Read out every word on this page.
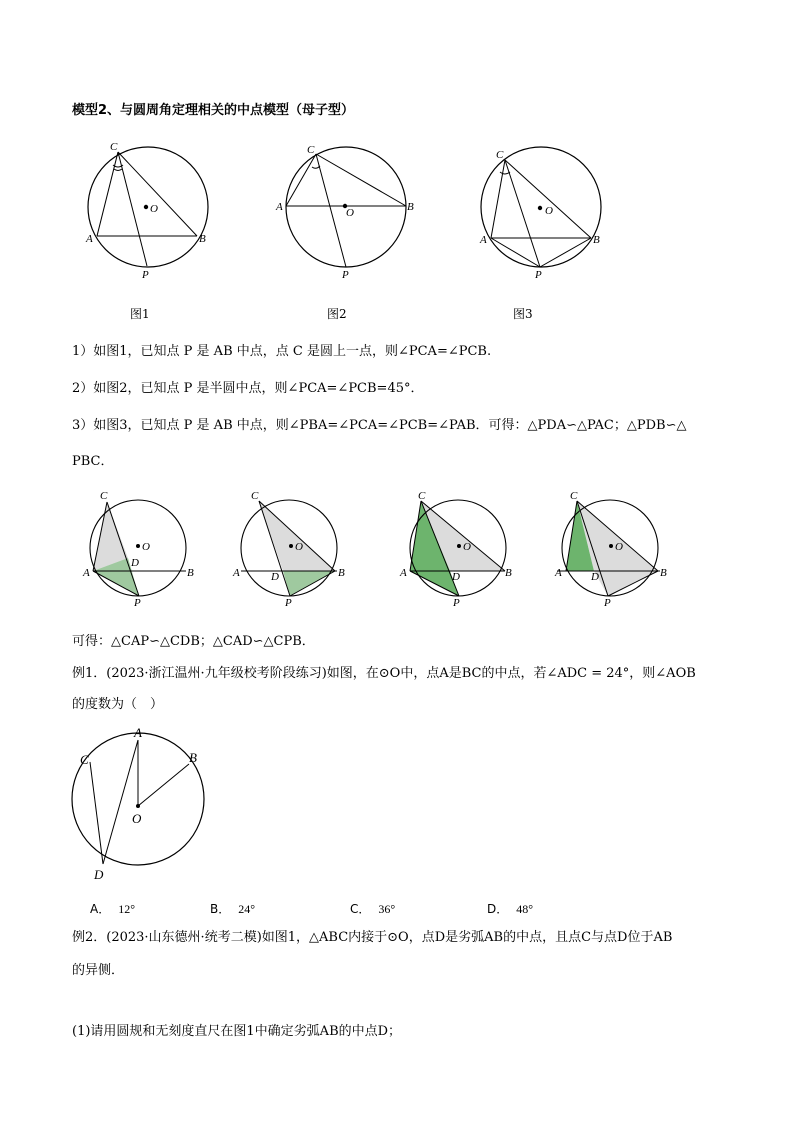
模型2、与圆周角定理相关的中点模型（母子型）
C
O
A	B
P
C
O
A	B
P
C
O
A	B
P
图1	图2	图3
1）如图1，已知点 P 是 AB 中点，点 C 是圆上一点，则∠PCA=∠PCB.
2）如图2，已知点 P 是半圆中点，则∠PCA=∠PCB=45°．
3）如图3，已知点 P 是 AB 中点，则∠PBA=∠PCA=∠PCB=∠PAB．可得：△PDA∽△PAC；△PDB∽△
PBC．
C
O
D
A	B
P
C
O
D
A	B
P
C
O
D
A	B
P
C
O
D
A	B
P
可得：△CAP∽△CDB；△CAD∽△CPB．
例1．(2023·浙江温州·九年级校考阶段练习)如图，在⊙O中，点A是BC的中点，若∠ADC = 24°，则∠AOB
的度数为（　）
A
B
C
O
D
A． 12°	B． 24°	C． 36°	D． 48°
例2．(2023·山东德州·统考二模)如图1，△ABC内接于⊙O，点D是劣弧AB的中点，且点C与点D位于AB
的异侧．
(1)请用圆规和无刻度直尺在图1中确定劣弧AB的中点D；
